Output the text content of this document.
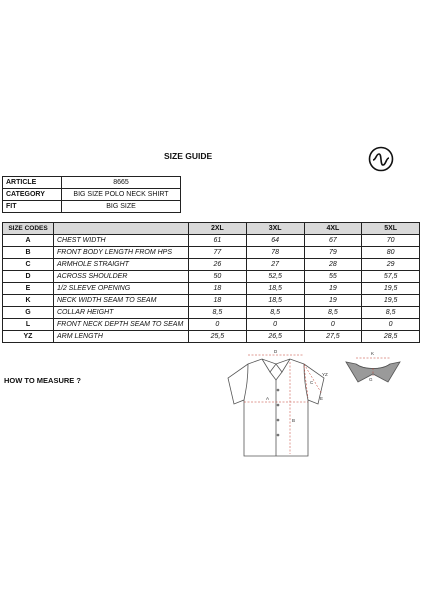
SIZE GUIDE
ARTICLE	8665
CATEGORY	BIG SIZE POLO NECK SHIRT
FIT	BIG SIZE
SIZE CODES		2XL	3XL	4XL	5XL
A	CHEST WIDTH	61	64	67	70
B	FRONT BODY LENGTH FROM HPS	77	78	79	80
C	ARMHOLE STRAIGHT	26	27	28	29
D	ACROSS SHOULDER	50	52,5	55	57,5
E	1/2 SLEEVE OPENING	18	18,5	19	19,5
K	NECK WIDTH SEAM TO SEAM	18	18,5	19	19,5
G	COLLAR HEIGHT	8,5	8,5	8,5	8,5
L	FRONT NECK DEPTH SEAM TO SEAM	0	0	0	0
YZ	ARM LENGTH	25,5	26,5	27,5	28,5
HOW TO MEASURE ?
D
A
B
C
E
YZ
K
G
